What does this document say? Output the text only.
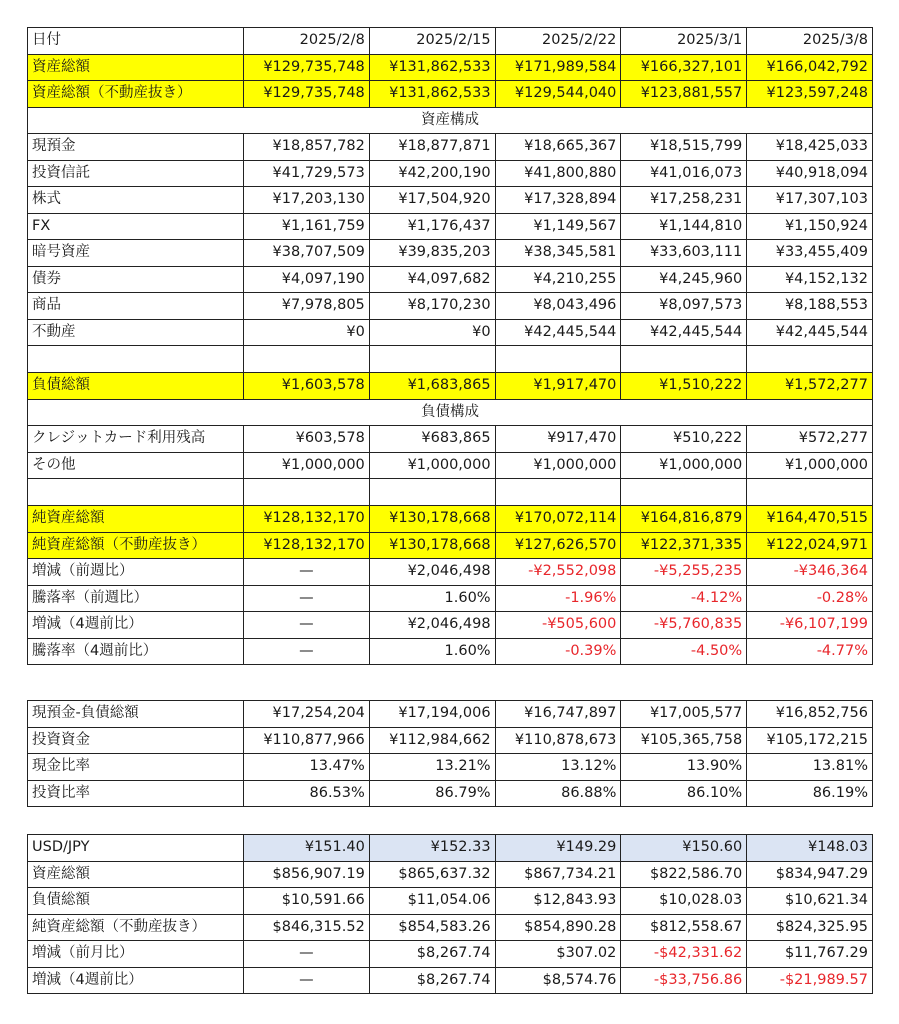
日付	2025/2/8	2025/2/15	2025/2/22	2025/3/1	2025/3/8
資産総額	¥129,735,748	¥131,862,533	¥171,989,584	¥166,327,101	¥166,042,792
資産総額（不動産抜き）	¥129,735,748	¥131,862,533	¥129,544,040	¥123,881,557	¥123,597,248
資産構成					
現預金	¥18,857,782	¥18,877,871	¥18,665,367	¥18,515,799	¥18,425,033
投資信託	¥41,729,573	¥42,200,190	¥41,800,880	¥41,016,073	¥40,918,094
株式	¥17,203,130	¥17,504,920	¥17,328,894	¥17,258,231	¥17,307,103
FX	¥1,161,759	¥1,176,437	¥1,149,567	¥1,144,810	¥1,150,924
暗号資産	¥38,707,509	¥39,835,203	¥38,345,581	¥33,603,111	¥33,455,409
債券	¥4,097,190	¥4,097,682	¥4,210,255	¥4,245,960	¥4,152,132
商品	¥7,978,805	¥8,170,230	¥8,043,496	¥8,097,573	¥8,188,553
不動産	¥0	¥0	¥42,445,544	¥42,445,544	¥42,445,544

負債総額	¥1,603,578	¥1,683,865	¥1,917,470	¥1,510,222	¥1,572,277
負債構成					
クレジットカード利用残高	¥603,578	¥683,865	¥917,470	¥510,222	¥572,277
その他	¥1,000,000	¥1,000,000	¥1,000,000	¥1,000,000	¥1,000,000

純資産総額	¥128,132,170	¥130,178,668	¥170,072,114	¥164,816,879	¥164,470,515
純資産総額（不動産抜き）	¥128,132,170	¥130,178,668	¥127,626,570	¥122,371,335	¥122,024,971
増減（前週比）	—	¥2,046,498	-¥2,552,098	-¥5,255,235	-¥346,364
騰落率（前週比）	—	1.60%	-1.96%	-4.12%	-0.28%
増減（4週前比）	—	¥2,046,498	-¥505,600	-¥5,760,835	-¥6,107,199
騰落率（4週前比）	—	1.60%	-0.39%	-4.50%	-4.77%
現預金-負債総額	¥17,254,204	¥17,194,006	¥16,747,897	¥17,005,577	¥16,852,756
投資資金	¥110,877,966	¥112,984,662	¥110,878,673	¥105,365,758	¥105,172,215
現金比率	13.47%	13.21%	13.12%	13.90%	13.81%
投資比率	86.53%	86.79%	86.88%	86.10%	86.19%
USD/JPY	¥151.40	¥152.33	¥149.29	¥150.60	¥148.03
資産総額	$856,907.19	$865,637.32	$867,734.21	$822,586.70	$834,947.29
負債総額	$10,591.66	$11,054.06	$12,843.93	$10,028.03	$10,621.34
純資産総額（不動産抜き）	$846,315.52	$854,583.26	$854,890.28	$812,558.67	$824,325.95
増減（前月比）	—	$8,267.74	$307.02	-$42,331.62	$11,767.29
増減（4週前比）	—	$8,267.74	$8,574.76	-$33,756.86	-$21,989.57
